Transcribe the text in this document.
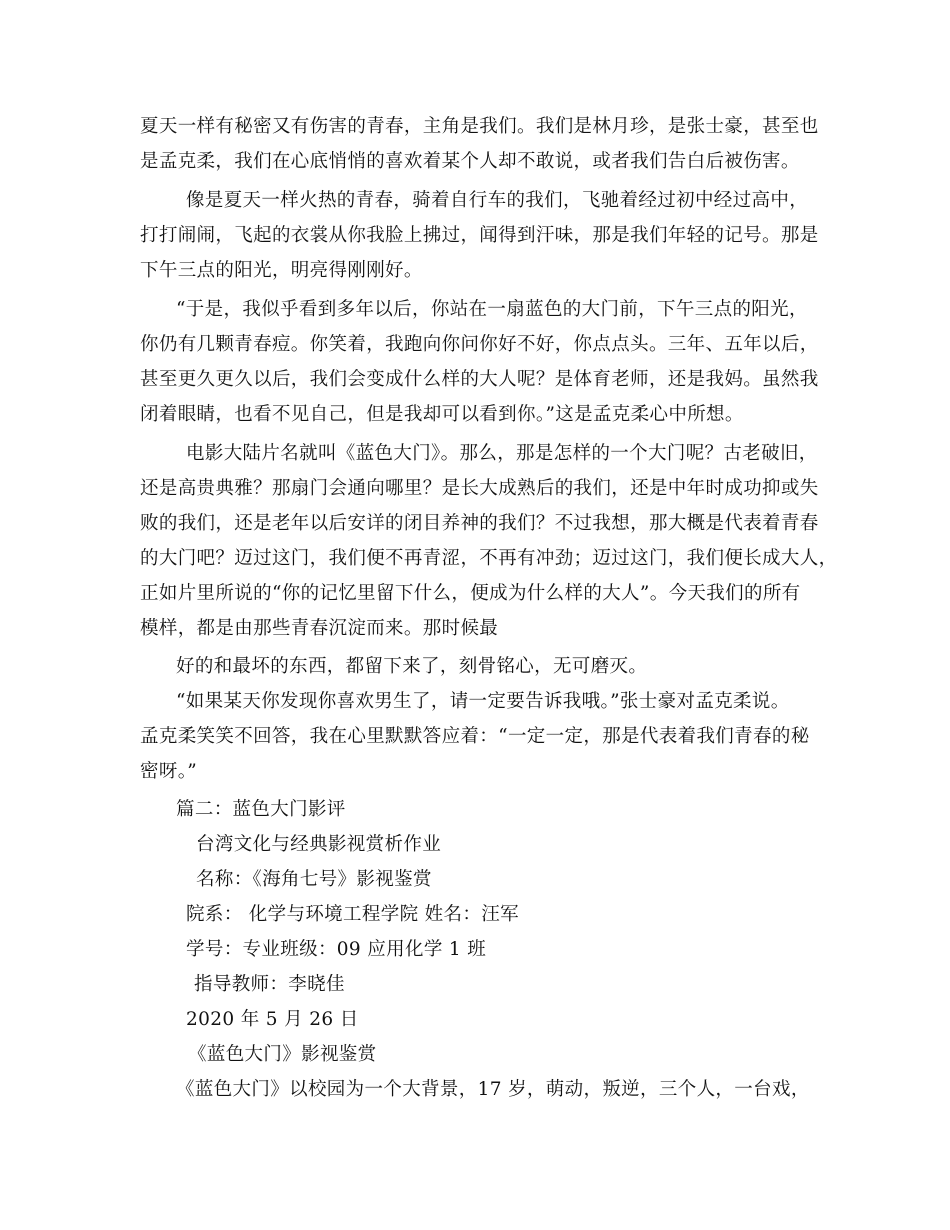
夏天一样有秘密又有伤害的青春，主角是我们。我们是林月珍，是张士豪，甚至也
是孟克柔，我们在心底悄悄的喜欢着某个人却不敢说，或者我们告白后被伤害。
像是夏天一样火热的青春，骑着自行车的我们，飞驰着经过初中经过高中，
打打闹闹，飞起的衣裳从你我脸上拂过，闻得到汗味，那是我们年轻的记号。那是
下午三点的阳光，明亮得刚刚好。
“于是，我似乎看到多年以后，你站在一扇蓝色的大门前，下午三点的阳光，
你仍有几颗青春痘。你笑着，我跑向你问你好不好，你点点头。三年、五年以后，
甚至更久更久以后，我们会变成什么样的大人呢？是体育老师，还是我妈。虽然我
闭着眼睛，也看不见自己，但是我却可以看到你。”这是孟克柔心中所想。
电影大陆片名就叫《蓝色大门》。那么，那是怎样的一个大门呢？古老破旧，
还是高贵典雅？那扇门会通向哪里？是长大成熟后的我们，还是中年时成功抑或失
败的我们，还是老年以后安详的闭目养神的我们？不过我想，那大概是代表着青春
的大门吧？迈过这门，我们便不再青涩，不再有冲劲；迈过这门，我们便长成大人，
正如片里所说的“你的记忆里留下什么，便成为什么样的大人”。今天我们的所有
模样，都是由那些青春沉淀而来。那时候最
好的和最坏的东西，都留下来了，刻骨铭心，无可磨灭。
“如果某天你发现你喜欢男生了，请一定要告诉我哦。”张士豪对孟克柔说。
孟克柔笑笑不回答，我在心里默默答应着：“一定一定，那是代表着我们青春的秘
密呀。”
篇二：蓝色大门影评
台湾文化与经典影视赏析作业
名称：《海角七号》影视鉴赏
院系： 化学与环境工程学院 姓名：汪军
学号：专业班级：09 应用化学 1 班
指导教师：李晓佳
2020 年 5 月 26 日
《蓝色大门》影视鉴赏
《蓝色大门》以校园为一个大背景，17 岁，萌动，叛逆，三个人，一台戏，
